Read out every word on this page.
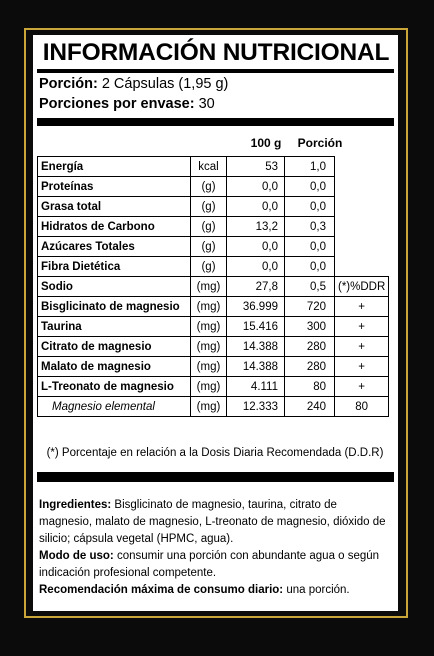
INFORMACIÓN NUTRICIONAL
Porción: 2 Cápsulas (1,95 g)
Porciones por envase: 30
100 g	Porción
Energía	kcal	53	1,0	
Proteínas	(g)	0,0	0,0	
Grasa total	(g)	0,0	0,0	
Hidratos de Carbono	(g)	13,2	0,3	
Azúcares Totales	(g)	0,0	0,0	
Fibra Dietética	(g)	0,0	0,0	
Sodio	(mg)	27,8	0,5	(*)%DDR
Bisglicinato de magnesio	(mg)	36.999	720	+
Taurina	(mg)	15.416	300	+
Citrato de magnesio	(mg)	14.388	280	+
Malato de magnesio	(mg)	14.388	280	+
L-Treonato de magnesio	(mg)	4.111	80	+
Magnesio elemental	(mg)	12.333	240	80
(*) Porcentaje en relación a la Dosis Diaria Recomendada (D.D.R)

Ingredientes: Bisglicinato de magnesio, taurina, citrato de magnesio, malato de magnesio, L-treonato de magnesio, dióxido de silicio; cápsula vegetal (HPMC, agua).

Modo de uso: consumir una porción con abundante agua o según indicación profesional competente.

Recomendación máxima de consumo diario: una porción.
